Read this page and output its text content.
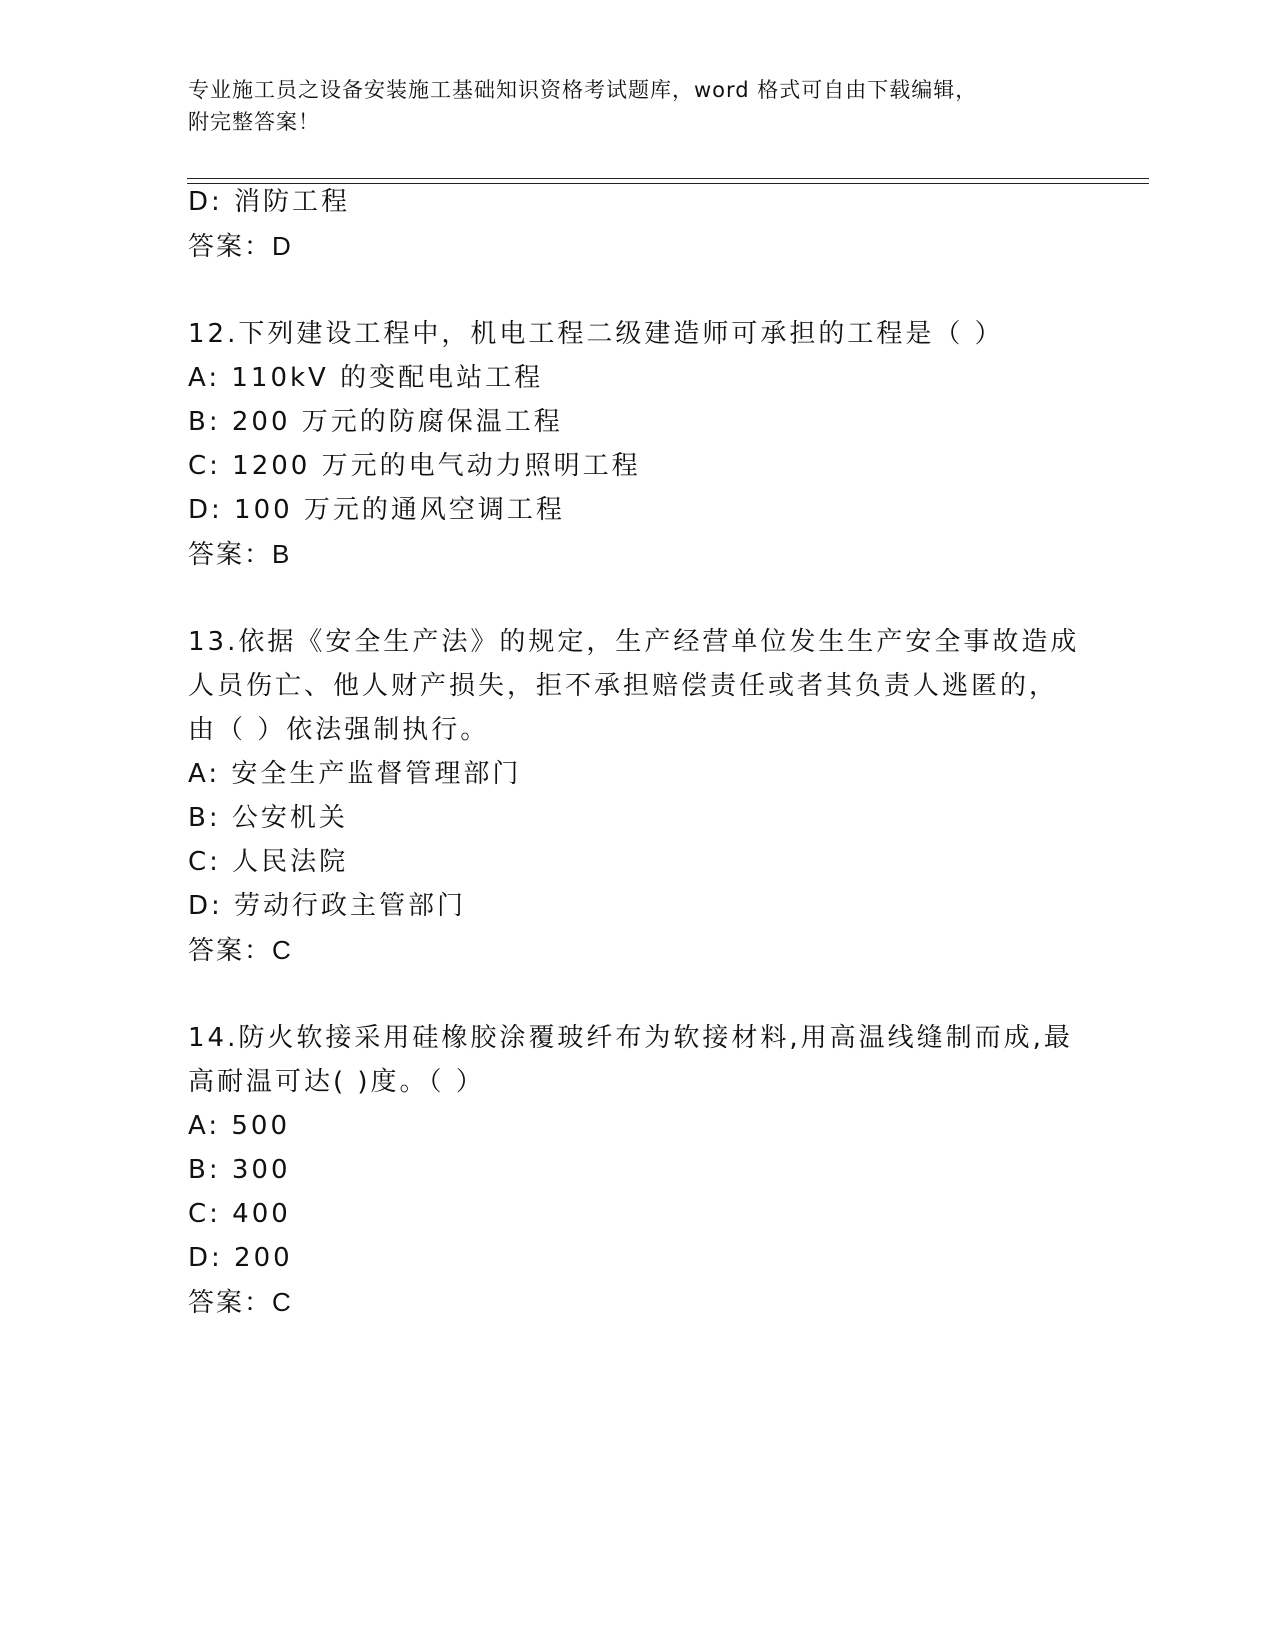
专业施工员之设备安装施工基础知识资格考试题库，word 格式可自由下载编辑，
附完整答案！
D: 消防工程
答案：D
12.下列建设工程中，机电工程二级建造师可承担的工程是（ ）
A: 110kV 的变配电站工程
B: 200 万元的防腐保温工程
C: 1200 万元的电气动力照明工程
D: 100 万元的通风空调工程
答案：B
13.依据《安全生产法》的规定，生产经营单位发生生产安全事故造成
人员伤亡、他人财产损失，拒不承担赔偿责任或者其负责人逃匿的，
由（ ）依法强制执行。
A: 安全生产监督管理部门
B: 公安机关
C: 人民法院
D: 劳动行政主管部门
答案：C
14.防火软接采用硅橡胶涂覆玻纤布为软接材料,用高温线缝制而成,最
高耐温可达( )度。（ ）
A: 500
B: 300
C: 400
D: 200
答案：C
